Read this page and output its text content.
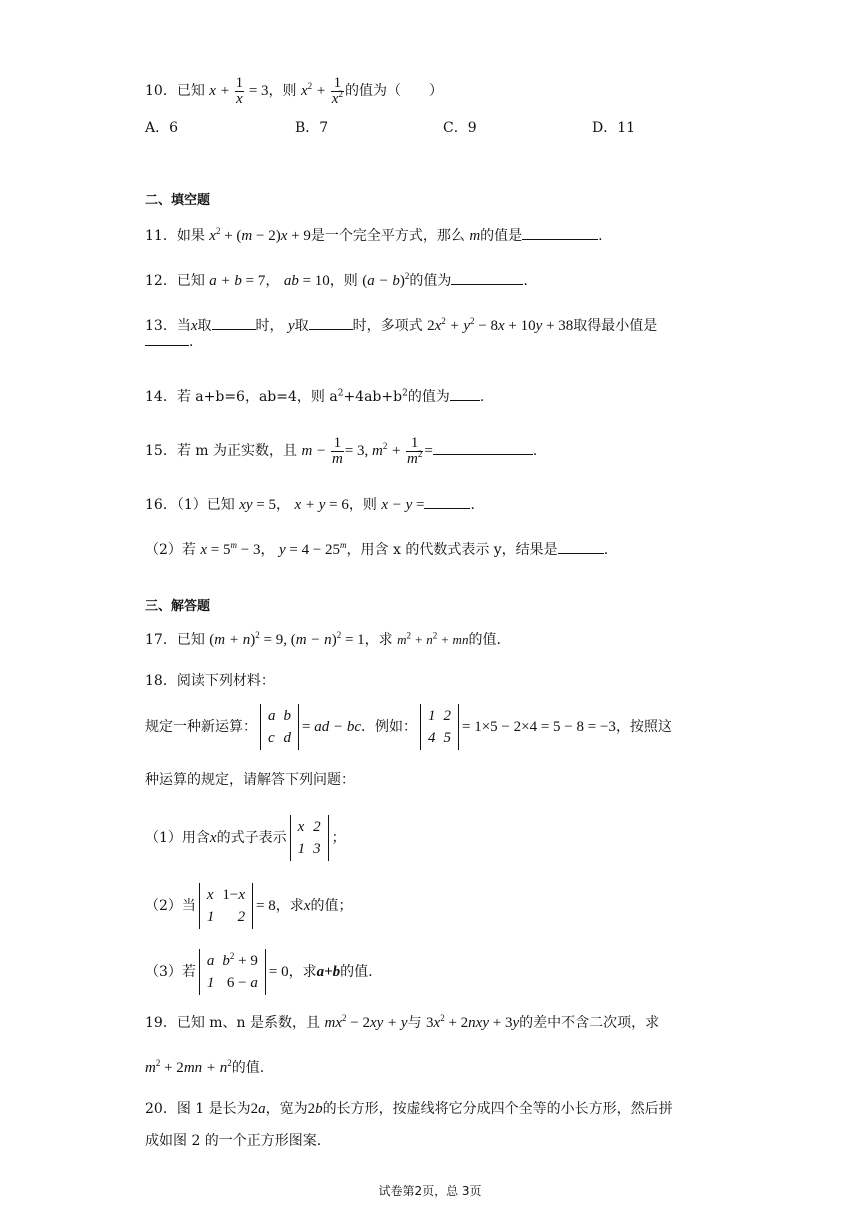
10．已知 $x + \frac{1}{x} = 3$，则 $x^2 + \frac{1}{x^2}$ 的值为（　　）
A．6	B．7	C．9	D．11
二、填空题
11．如果 $x^2 + (m - 2)x + 9$是一个完全平方式，那么 m的值是	.
12．已知 a + b = 7， ab = 10，则 $(a - b)^2$的值为	.
13．当x取	时， y取	时，多项式 $2x^2 + y^2 - 8x + 10y + 38$取得最小值是
.
14．若 a+b=6，ab=4，则 $a^2+4ab+b^2$的值为 .
15．若 m 为正实数，且 $m - \frac{1}{m} = 3$, $m^2 + \frac{1}{m^2}$ =	.
16．（1）已知 xy = 5， x + y = 6，则 x − y =	.
（2）若 $x = 5^m - 3$， $y = 4 - 25^m$，用含 x 的代数式表示 y，结果是	.
三、解答题
17．已知 $(m + n)^2 = 9$, $(m - n)^2 = 1$，求 $m^2 + n^2$ + mn的值.
18．阅读下列材料：
规定一种新运算：
a	b
c	d
= ad − bc．例如：
1	2
4	5
= 1×5 − 2×4 = 5 − 8 = −3，按照这
种运算的规定，请解答下列问题：
（1）用含x的式子表示
x	2
1	3
；
（2）当
x	1−x
1	2
= 8，求x的值；
（3）若
a	$b^2 + 9$
1	6 − a
= 0，求a+b的值.
19．已知 m、n 是系数，且 $mx^2 - 2xy + y$与 $3x^2 + 2nxy + 3y$的差中不含二次项，求
$m^2 + 2mn + n^2$的值.
20．图 1 是长为2a，宽为2b的长方形，按虚线将它分成四个全等的小长方形，然后拼
成如图 2 的一个正方形图案.
试卷第2页，总 3页
